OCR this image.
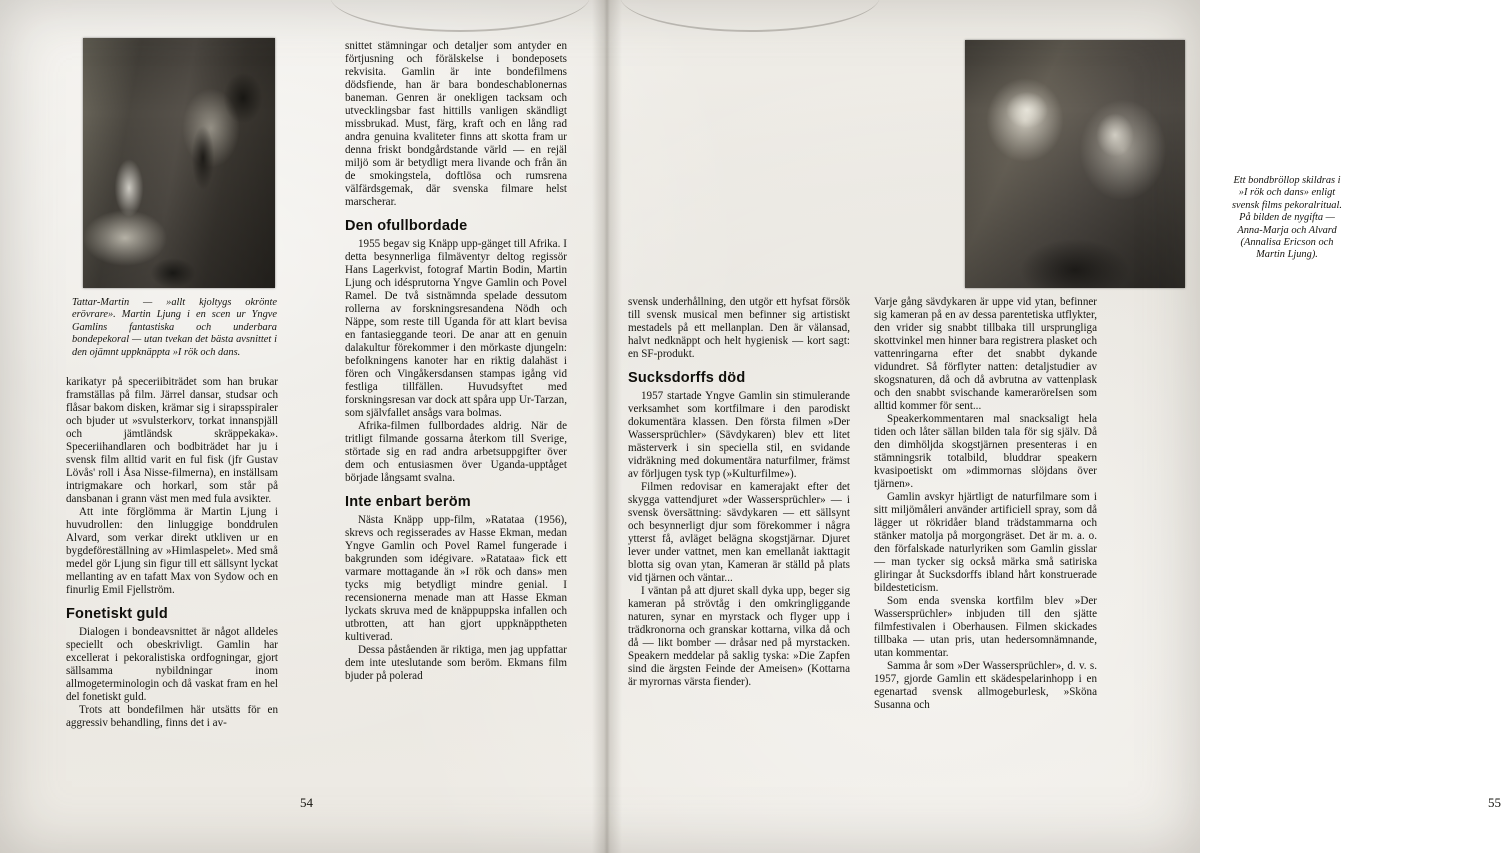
Tattar-Martin — »allt kjoltygs okrönte erövrare». Martin Ljung i en scen ur Yngve Gamlins fantastiska och underbara bondepekoral — utan tvekan det bästa avsnittet i den ojämnt uppknäppta »I rök och dans.

karikatyr på speceriibiträdet som han brukar framställas på film. Järrel dansar, studsar och flåsar bakom disken, krämar sig i sirapsspiraler och bjuder ut »svulsterkorv, torkat innanspjäll och jämtländsk skräppekaka». Speceriihandlaren och bodbiträdet har ju i svensk film alltid varit en ful fisk (jfr Gustav Lövås' roll i Åsa Nisse-filmerna), en inställsam intrigmakare och horkarl, som står på dansbanan i grann väst men med fula avsikter.

Att inte förglömma är Martin Ljung i huvudrollen: den linluggige bonddrulen Alvard, som verkar direkt utkliven ur en bygdeföreställning av »Himlaspelet». Med små medel gör Ljung sin figur till ett sällsynt lyckat mellanting av en tafatt Max von Sydow och en finurlig Emil Fjellström.

Fonetiskt guld

Dialogen i bondeavsnittet är något alldeles speciellt och obeskrivligt. Gamlin har excellerat i pekoralistiska ordfogningar, gjort sällsamma nybildningar inom allmogeterminologin och då vaskat fram en hel del fonetiskt guld.

Trots att bondefilmen här utsätts för en aggressiv behandling, finns det i av-

snittet stämningar och detaljer som antyder en förtjusning och förälskelse i bondeposets rekvisita. Gamlin är inte bondefilmens dödsfiende, han är bara bondeschablonernas baneman. Genren är onekligen tacksam och utvecklingsbar fast hittills vanligen skändligt missbrukad. Must, färg, kraft och en lång rad andra genuina kvaliteter finns att skotta fram ur denna friskt bondgårdstande värld — en rejäl miljö som är betydligt mera livande och från än de smokingstela, doftlösa och rumsrena välfärdsgemak, där svenska filmare helst marscherar.

Den ofullbordade

1955 begav sig Knäpp upp-gänget till Afrika. I detta besynnerliga filmäventyr deltog regissör Hans Lagerkvist, fotograf Martin Bodin, Martin Ljung och idésprutorna Yngve Gamlin och Povel Ramel. De två sistnämnda spelade dessutom rollerna av forskningsresandena Nödh och Näppe, som reste till Uganda för att klart bevisa en fantasieggande teori. De anar att en genuin dalakultur förekommer i den mörkaste djungeln: befolkningens kanoter har en riktig dalahäst i fören och Vingåkersdansen stampas igång vid festliga tillfällen. Huvudsyftet med forskningsresan var dock att spåra upp Ur-Tarzan, som självfallet ansågs vara bolmas.

Afrika-filmen fullbordades aldrig. När de tritligt filmande gossarna återkom till Sverige, störtade sig en rad andra arbetsuppgifter över dem och entusiasmen över Uganda-upptåget började långsamt svalna.

Inte enbart beröm

Nästa Knäpp upp-film, »Ratataa (1956), skrevs och regisserades av Hasse Ekman, medan Yngve Gamlin och Povel Ramel fungerade i bakgrunden som idégivare. »Ratataa» fick ett varmare mottagande än »I rök och dans» men tycks mig betydligt mindre genial. I recensionerna menade man att Hasse Ekman lyckats skruva med de knäppuppska infallen och utbrotten, att han gjort uppknäpptheten kultiverad.

Dessa påståenden är riktiga, men jag uppfattar dem inte uteslutande som beröm. Ekmans film bjuder på polerad

54
Ett bondbröllop skildras i »I rök och dans» enligt svensk films pekoralritual. På bilden de nygifta — Anna-Marja och Alvard (Annalisa Ericson och Martin Ljung).
55

svensk underhållning, den utgör ett hyfsat försök till svensk musical men befinner sig artistiskt mestadels på ett mellanplan. Den är välansad, halvt nedknäppt och helt hygienisk — kort sagt: en SF-produkt.

Sucksdorffs död

1957 startade Yngve Gamlin sin stimulerande verksamhet som kortfilmare i den parodiskt dokumentära klassen. Den första filmen »Der Wassersprüchler» (Sävdykaren) blev ett litet mästerverk i sin speciella stil, en svidande vidräkning med dokumentära naturfilmer, främst av förljugen tysk typ (»Kulturfilme»).

Filmen redovisar en kamerajakt efter det skygga vattendjuret »der Wassersprüchler» — i svensk översättning: sävdykaren — ett sällsynt och besynnerligt djur som förekommer i några ytterst få, avläget belägna skogstjärnar. Djuret lever under vattnet, men kan emellanåt iakttagit blotta sig ovan ytan, Kameran är ställd på plats vid tjärnen och väntar...

I väntan på att djuret skall dyka upp, beger sig kameran på strövtåg i den omkringliggande naturen, synar en myrstack och flyger upp i trädkronorna och granskar kottarna, vilka då och då — likt bomber — dråsar ned på myrstacken. Speakern meddelar på saklig tyska: »Die Zapfen sind die ärgsten Feinde der Ameisen» (Kottarna är myrornas värsta fiender).

Varje gång sävdykaren är uppe vid ytan, befinner sig kameran på en av dessa parentetiska utflykter, den vrider sig snabbt tillbaka till ursprungliga skottvinkel men hinner bara registrera plasket och vattenringarna efter det snabbt dykande vidundret. Så förflyter natten: detaljstudier av skogsnaturen, då och då avbrutna av vattenplask och den snabbt svischande kameraröreIsen som alltid kommer för sent...

Speakerkommentaren mal snacksaligt hela tiden och låter sällan bilden tala för sig själv. Då den dimhöljda skogstjärnen presenteras i en stämningsrik totalbild, bluddrar speakern kvasipoetiskt om »dimmornas slöjdans över tjärnen».

Gamlin avskyr hjärtligt de naturfilmare som i sitt miljömåleri använder artificiell spray, som då lägger ut rökridåer bland trädstammarna och stänker matolja på morgongräset. Det är m. a. o. den förfalskade naturlyriken som Gamlin gisslar — man tycker sig också märka små satiriska gliringar åt Sucksdorffs ibland hårt konstruerade bildesteticism.

Som enda svenska kortfilm blev »Der Wassersprüchler» inbjuden till den sjätte filmfestivalen i Oberhausen. Filmen skickades tillbaka — utan pris, utan hedersomnämnande, utan kommentar.

Samma år som »Der Wassersprüchler», d. v. s. 1957, gjorde Gamlin ett skädespelarinhopp i en egenartad svensk allmogeburlesk, »Sköna Susanna och
